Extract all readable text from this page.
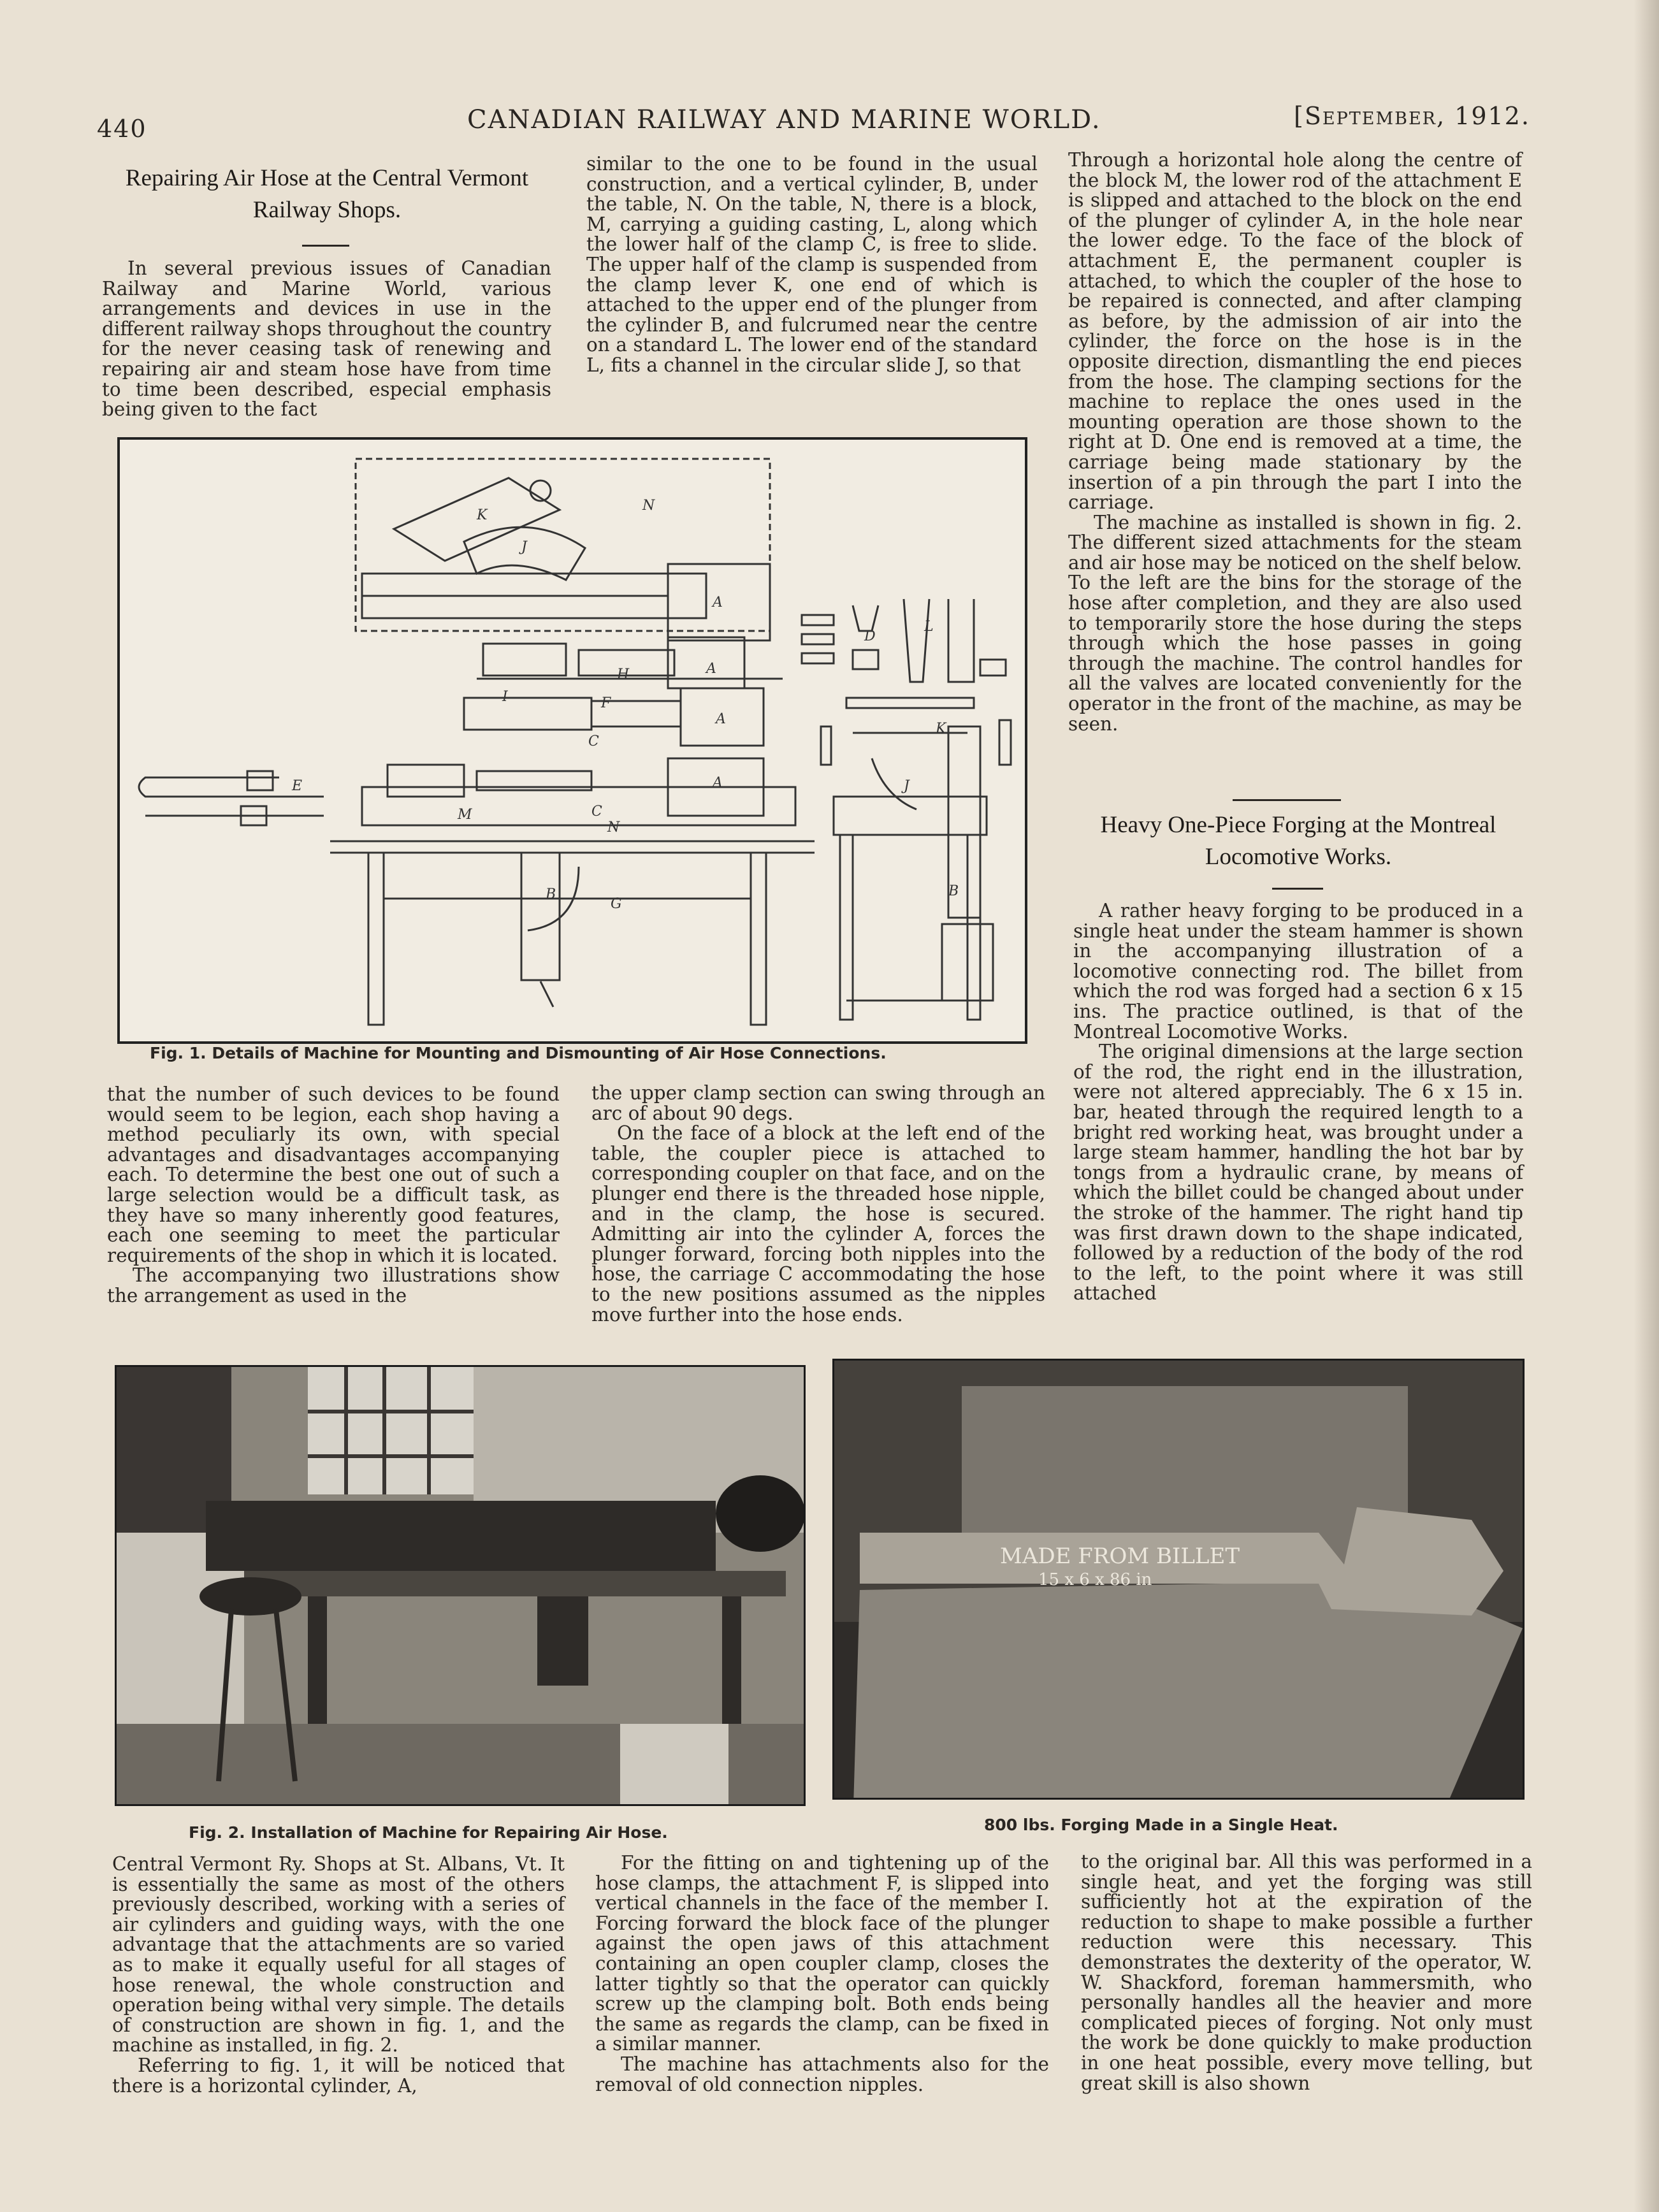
440	CANADIAN RAILWAY AND MARINE WORLD.	[September, 1912.
Repairing Air Hose at the Central Vermont
Railway Shops.

In several previous issues of Canadian Railway and Marine World, various arrangements and devices in use in the different railway shops throughout the country for the never ceasing task of renewing and repairing air and steam hose have from time to time been described, especial emphasis being given to the fact

similar to the one to be found in the usual construction, and a vertical cylinder, B, under the table, N. On the table, N, there is a block, M, carrying a guiding casting, L, along which the lower half of the clamp C, is free to slide. The upper half of the clamp is suspended from the clamp lever K, one end of which is attached to the upper end of the plunger from the cylinder B, and fulcrumed near the centre on a standard L. The lower end of the standard L, fits a channel in the circular slide J, so that

Through a horizontal hole along the centre of the block M, the lower rod of the attachment E is slipped and attached to the block on the end of the plunger of cylinder A, in the hole near the lower edge. To the face of the block of attachment E, the permanent coupler is attached, to which the coupler of the hose to be repaired is connected, and after clamping as before, by the admission of air into the cylinder, the force on the hose is in the opposite direction, dismantling the end pieces from the hose. The clamping sections for the machine to replace the ones used in the mounting operation are those shown to the right at D. One end is removed at a time, the carriage being made stationary by the insertion of a pin through the part I into the carriage.

The machine as installed is shown in fig. 2. The different sized attachments for the steam and air hose may be noticed on the shelf below. To the left are the bins for the storage of the hose after completion, and they are also used to temporarily store the hose during the steps through which the hose passes in going through the machine. The control handles for all the valves are located conveniently for the operator in the front of the machine, as may be seen.

A
A
A
A
B
B
C
C
D
E
F
G
H
I
J
J
K
K
L
M
N
N
Fig. 1. Details of Machine for Mounting and Dismounting of Air Hose Connections.

that the number of such devices to be found would seem to be legion, each shop having a method peculiarly its own, with special advantages and disadvantages accompanying each. To determine the best one out of such a large selection would be a difficult task, as they have so many inherently good features, each one seeming to meet the particular requirements of the shop in which it is located.

The accompanying two illustrations show the arrangement as used in the

the upper clamp section can swing through an arc of about 90 degs.

On the face of a block at the left end of the table, the coupler piece is attached to corresponding coupler on that face, and on the plunger end there is the threaded hose nipple, and in the clamp, the hose is secured. Admitting air into the cylinder A, forces the plunger forward, forcing both nipples into the hose, the carriage C accommodating the hose to the new positions assumed as the nipples move further into the hose ends.

Heavy One-Piece Forging at the Montreal
Locomotive Works.

A rather heavy forging to be produced in a single heat under the steam hammer is shown in the accompanying illustration of a locomotive connecting rod. The billet from which the rod was forged had a section 6 x 15 ins. The practice outlined, is that of the Montreal Locomotive Works.

The original dimensions at the large section of the rod, the right end in the illustration, were not altered appreciably. The 6 x 15 in. bar, heated through the required length to a bright red working heat, was brought under a large steam hammer, handling the hot bar by tongs from a hydraulic crane, by means of which the billet could be changed about under the stroke of the hammer. The right hand tip was first drawn down to the shape indicated, followed by a reduction of the body of the rod to the left, to the point where it was still attached

Fig. 2. Installation of Machine for Repairing Air Hose.
MADE FROM BILLET
15 x 6 x 86 in
800 lbs. Forging Made in a Single Heat.

Central Vermont Ry. Shops at St. Albans, Vt. It is essentially the same as most of the others previously described, working with a series of air cylinders and guiding ways, with the one advantage that the attachments are so varied as to make it equally useful for all stages of hose renewal, the whole construction and operation being withal very simple. The details of construction are shown in fig. 1, and the machine as installed, in fig. 2.

Referring to fig. 1, it will be noticed that there is a horizontal cylinder, A,

For the fitting on and tightening up of the hose clamps, the attachment F, is slipped into vertical channels in the face of the member I. Forcing forward the block face of the plunger against the open jaws of this attachment containing an open coupler clamp, closes the latter tightly so that the operator can quickly screw up the clamping bolt. Both ends being the same as regards the clamp, can be fixed in a similar manner.

The machine has attachments also for the removal of old connection nipples.

to the original bar. All this was performed in a single heat, and yet the forging was still sufficiently hot at the expiration of the reduction to shape to make possible a further reduction were this necessary. This demonstrates the dexterity of the operator, W. W. Shackford, foreman hammersmith, who personally handles all the heavier and more complicated pieces of forging. Not only must the work be done quickly to make production in one heat possible, every move telling, but great skill is also shown
